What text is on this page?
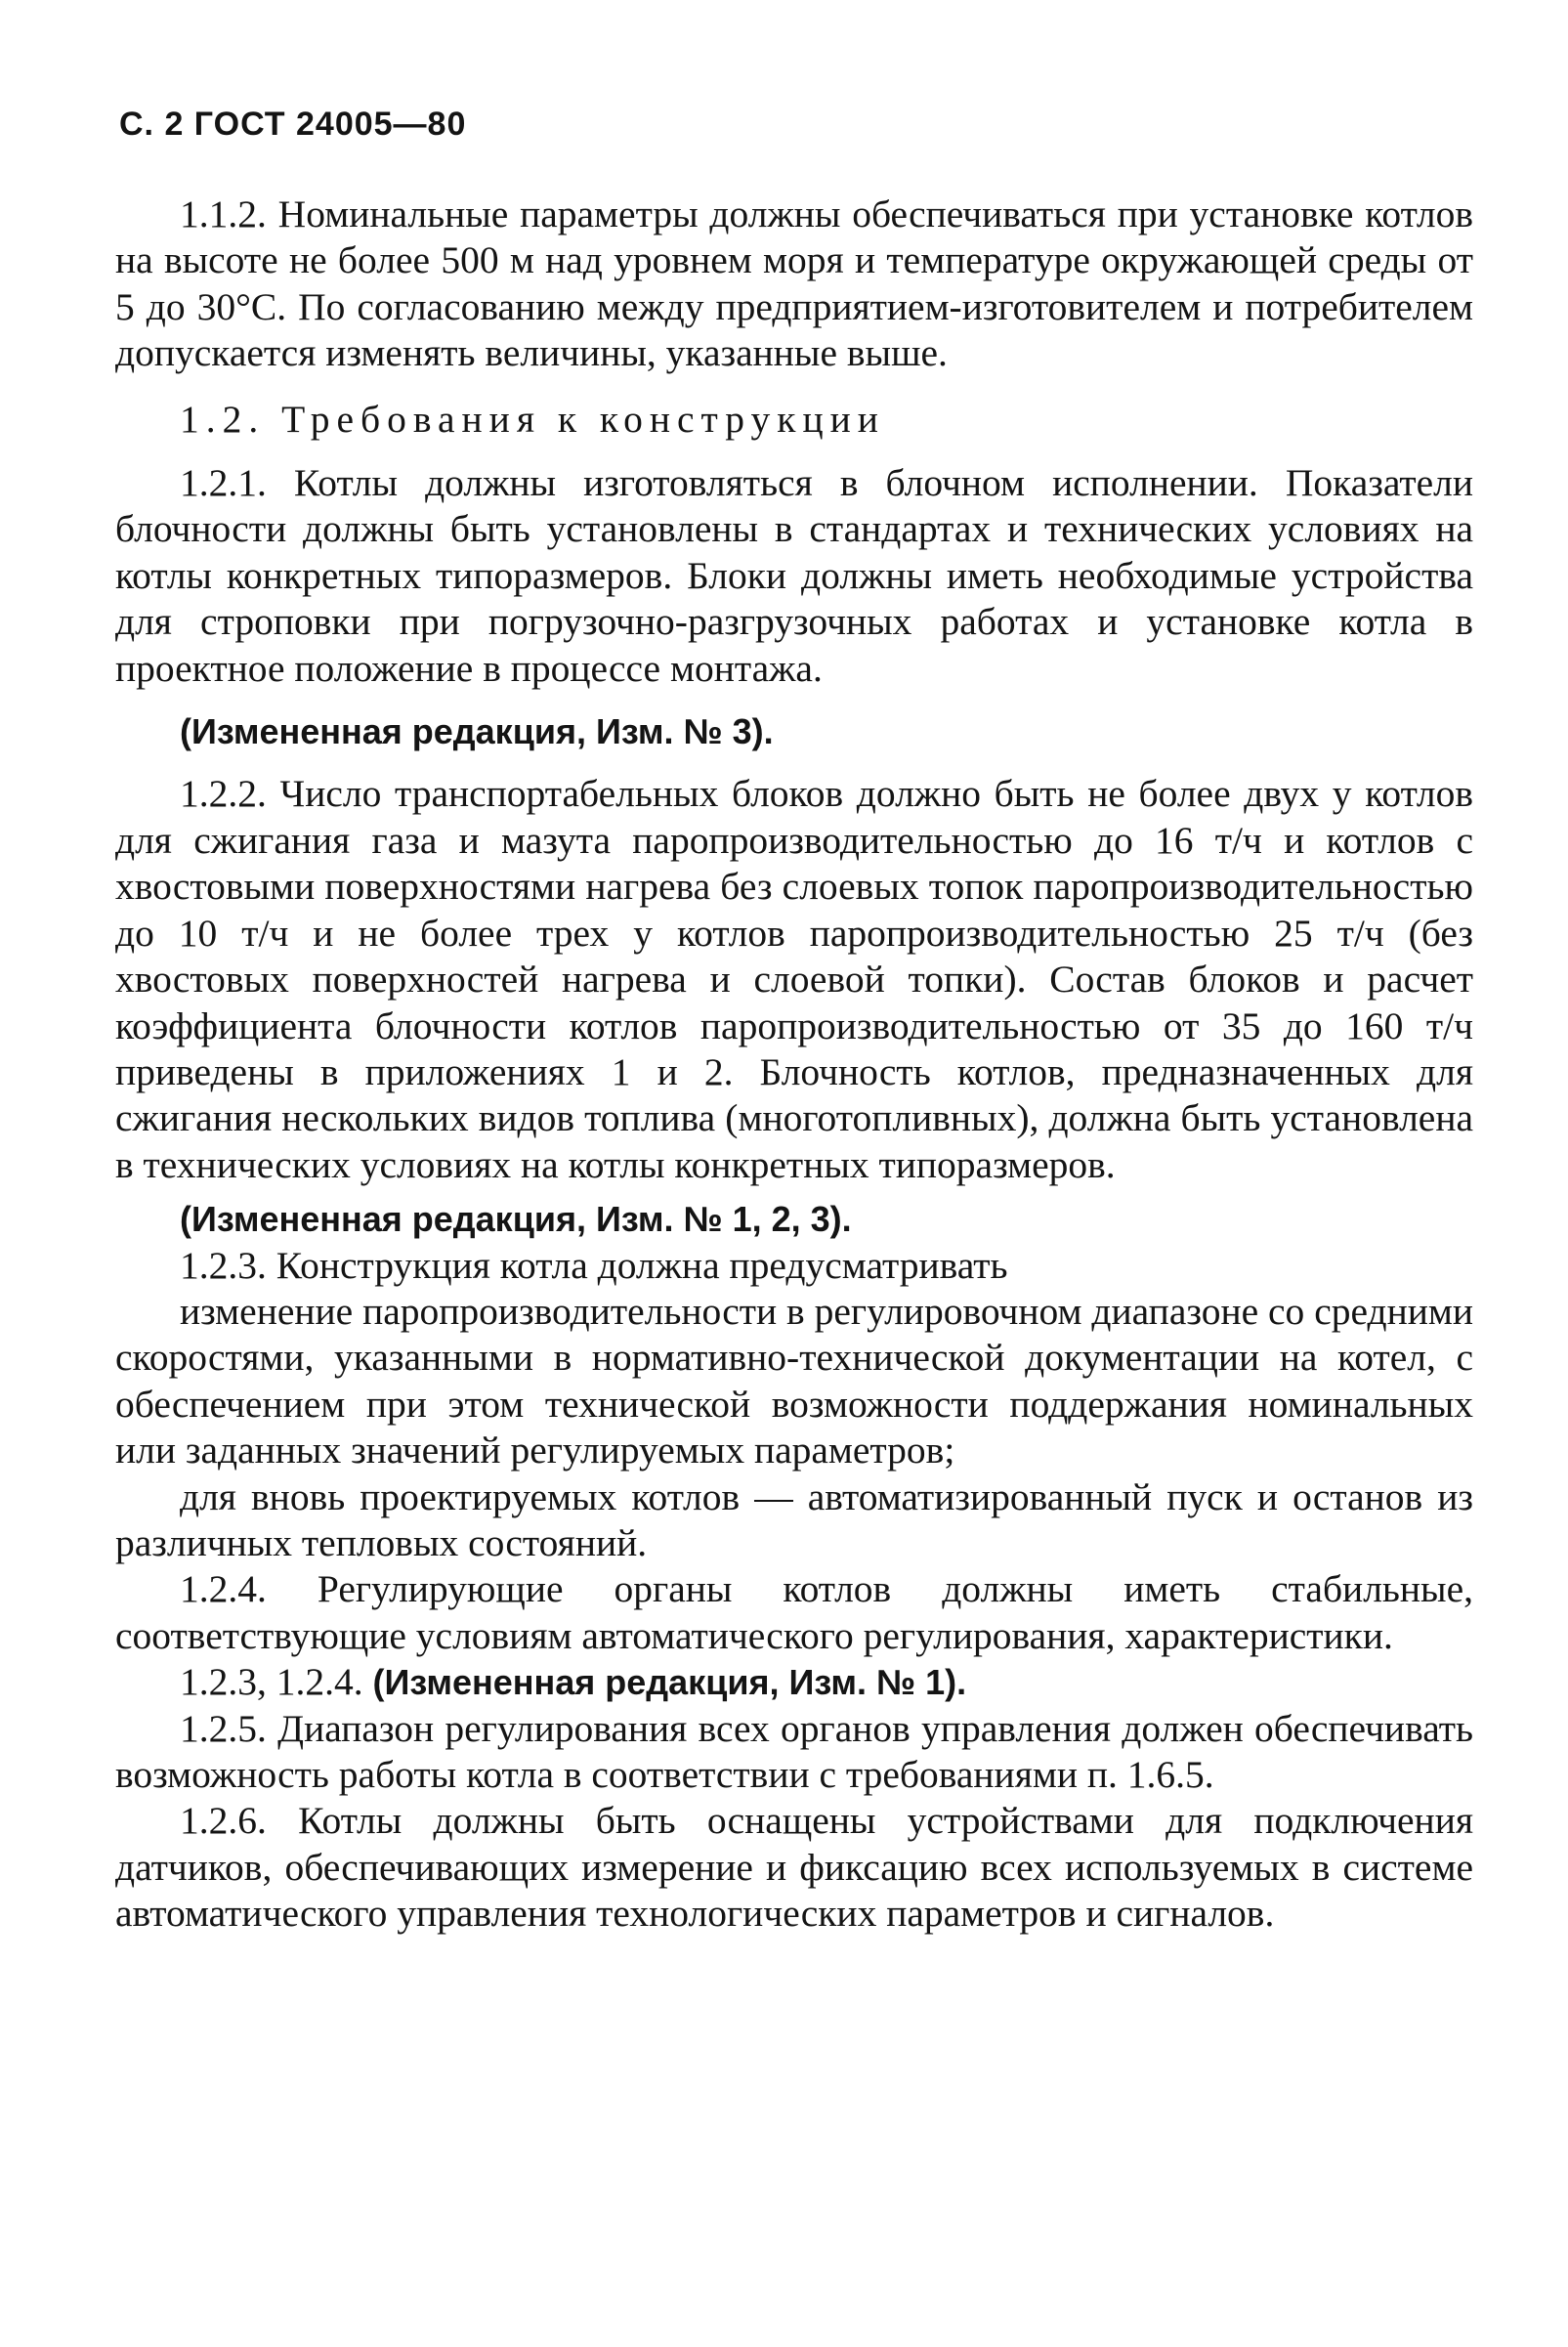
С. 2 ГОСТ 24005—80

1.1.2. Номинальные параметры должны обеспечиваться при установке котлов на высоте не более 500 м над уровнем моря и температуре окружающей среды от 5 до 30°С. По согласованию между предприятием-изготовителем и потребителем допускается изменять величины, указанные выше.

1.2. Требования к конструкции

1.2.1. Котлы должны изготовляться в блочном исполнении. Показатели блочности должны быть установлены в стандартах и технических условиях на котлы конкретных типоразмеров. Блоки должны иметь необходимые устройства для строповки при погрузочно-разгрузочных работах и установке котла в проектное положение в процессе монтажа.

(Измененная редакция, Изм. № 3).

1.2.2. Число транспортабельных блоков должно быть не более двух у котлов для сжигания газа и мазута паропроизводительностью до 16 т/ч и котлов с хвостовыми поверхностями нагрева без слоевых топок паропроизводительностью до 10 т/ч и не более трех у котлов паропроизводительностью 25 т/ч (без хвостовых поверхностей нагрева и слоевой топки). Состав блоков и расчет коэффициента блочности котлов паропроизводительностью от 35 до 160 т/ч приведены в приложениях 1 и 2. Блочность котлов, предназначенных для сжигания нескольких видов топлива (многотопливных), должна быть установлена в технических условиях на котлы конкретных типоразмеров.

(Измененная редакция, Изм. № 1, 2, 3).

1.2.3. Конструкция котла должна предусматривать

изменение паропроизводительности в регулировочном диапазоне со средними скоростями, указанными в нормативно-технической документации на котел, с обеспечением при этом технической возможности поддержания номинальных или заданных значений регулируемых параметров;

для вновь проектируемых котлов — автоматизированный пуск и останов из различных тепловых состояний.

1.2.4. Регулирующие органы котлов должны иметь стабильные, соответствующие условиям автоматического регулирования, характеристики.

1.2.3, 1.2.4. (Измененная редакция, Изм. № 1).

1.2.5. Диапазон регулирования всех органов управления должен обеспечивать возможность работы котла в соответствии с требованиями п. 1.6.5.

1.2.6. Котлы должны быть оснащены устройствами для подключения датчиков, обеспечивающих измерение и фиксацию всех используемых в системе автоматического управления технологических параметров и сигналов.
